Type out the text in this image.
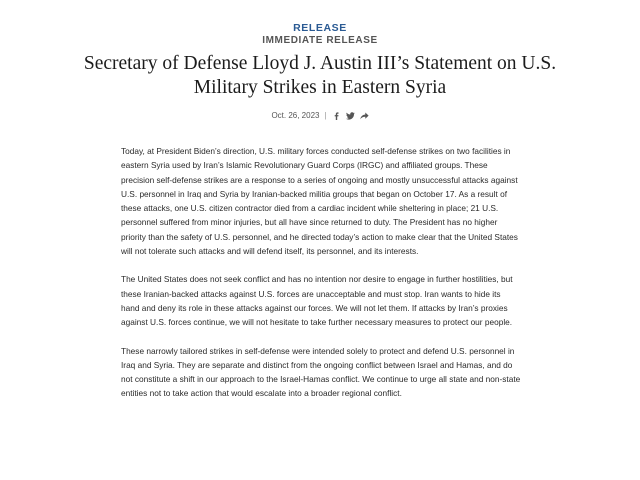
RELEASE
IMMEDIATE RELEASE
Secretary of Defense Lloyd J. Austin III’s Statement on U.S. Military Strikes in Eastern Syria
Oct. 26, 2023 |

Today, at President Biden’s direction, U.S. military forces conducted self-defense strikes on two facilities in eastern Syria used by Iran’s Islamic Revolutionary Guard Corps (IRGC) and affiliated groups. These precision self-defense strikes are a response to a series of ongoing and mostly unsuccessful attacks against U.S. personnel in Iraq and Syria by Iranian-backed militia groups that began on October 17. As a result of these attacks, one U.S. citizen contractor died from a cardiac incident while sheltering in place; 21 U.S. personnel suffered from minor injuries, but all have since returned to duty. The President has no higher priority than the safety of U.S. personnel, and he directed today’s action to make clear that the United States will not tolerate such attacks and will defend itself, its personnel, and its interests.

The United States does not seek conflict and has no intention nor desire to engage in further hostilities, but these Iranian-backed attacks against U.S. forces are unacceptable and must stop. Iran wants to hide its hand and deny its role in these attacks against our forces. We will not let them. If attacks by Iran’s proxies against U.S. forces continue, we will not hesitate to take further necessary measures to protect our people.

These narrowly tailored strikes in self-defense were intended solely to protect and defend U.S. personnel in Iraq and Syria. They are separate and distinct from the ongoing conflict between Israel and Hamas, and do not constitute a shift in our approach to the Israel-Hamas conflict. We continue to urge all state and non-state entities not to take action that would escalate into a broader regional conflict.
